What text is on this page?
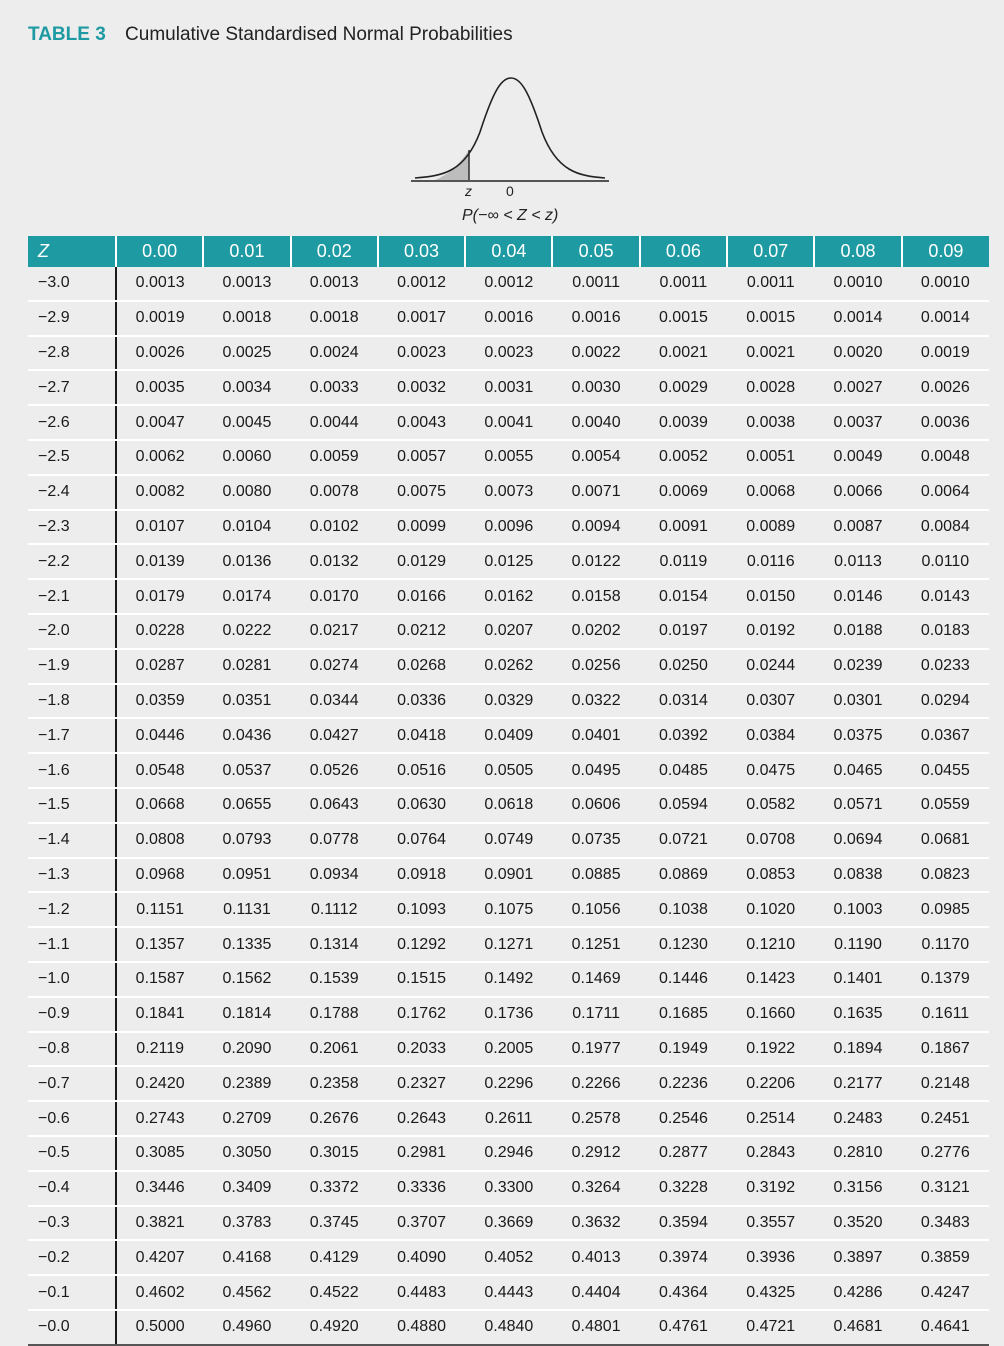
TABLE 3 Cumulative Standardised Normal Probabilities
z 0
P(−∞ < Z < z)
Z	0.00	0.01	0.02	0.03	0.04	0.05	0.06	0.07	0.08	0.09
−3.0	0.0013	0.0013	0.0013	0.0012	0.0012	0.0011	0.0011	0.0011	0.0010	0.0010
−2.9	0.0019	0.0018	0.0018	0.0017	0.0016	0.0016	0.0015	0.0015	0.0014	0.0014
−2.8	0.0026	0.0025	0.0024	0.0023	0.0023	0.0022	0.0021	0.0021	0.0020	0.0019
−2.7	0.0035	0.0034	0.0033	0.0032	0.0031	0.0030	0.0029	0.0028	0.0027	0.0026
−2.6	0.0047	0.0045	0.0044	0.0043	0.0041	0.0040	0.0039	0.0038	0.0037	0.0036
−2.5	0.0062	0.0060	0.0059	0.0057	0.0055	0.0054	0.0052	0.0051	0.0049	0.0048
−2.4	0.0082	0.0080	0.0078	0.0075	0.0073	0.0071	0.0069	0.0068	0.0066	0.0064
−2.3	0.0107	0.0104	0.0102	0.0099	0.0096	0.0094	0.0091	0.0089	0.0087	0.0084
−2.2	0.0139	0.0136	0.0132	0.0129	0.0125	0.0122	0.0119	0.0116	0.0113	0.0110
−2.1	0.0179	0.0174	0.0170	0.0166	0.0162	0.0158	0.0154	0.0150	0.0146	0.0143
−2.0	0.0228	0.0222	0.0217	0.0212	0.0207	0.0202	0.0197	0.0192	0.0188	0.0183
−1.9	0.0287	0.0281	0.0274	0.0268	0.0262	0.0256	0.0250	0.0244	0.0239	0.0233
−1.8	0.0359	0.0351	0.0344	0.0336	0.0329	0.0322	0.0314	0.0307	0.0301	0.0294
−1.7	0.0446	0.0436	0.0427	0.0418	0.0409	0.0401	0.0392	0.0384	0.0375	0.0367
−1.6	0.0548	0.0537	0.0526	0.0516	0.0505	0.0495	0.0485	0.0475	0.0465	0.0455
−1.5	0.0668	0.0655	0.0643	0.0630	0.0618	0.0606	0.0594	0.0582	0.0571	0.0559
−1.4	0.0808	0.0793	0.0778	0.0764	0.0749	0.0735	0.0721	0.0708	0.0694	0.0681
−1.3	0.0968	0.0951	0.0934	0.0918	0.0901	0.0885	0.0869	0.0853	0.0838	0.0823
−1.2	0.1151	0.1131	0.1112	0.1093	0.1075	0.1056	0.1038	0.1020	0.1003	0.0985
−1.1	0.1357	0.1335	0.1314	0.1292	0.1271	0.1251	0.1230	0.1210	0.1190	0.1170
−1.0	0.1587	0.1562	0.1539	0.1515	0.1492	0.1469	0.1446	0.1423	0.1401	0.1379
−0.9	0.1841	0.1814	0.1788	0.1762	0.1736	0.1711	0.1685	0.1660	0.1635	0.1611
−0.8	0.2119	0.2090	0.2061	0.2033	0.2005	0.1977	0.1949	0.1922	0.1894	0.1867
−0.7	0.2420	0.2389	0.2358	0.2327	0.2296	0.2266	0.2236	0.2206	0.2177	0.2148
−0.6	0.2743	0.2709	0.2676	0.2643	0.2611	0.2578	0.2546	0.2514	0.2483	0.2451
−0.5	0.3085	0.3050	0.3015	0.2981	0.2946	0.2912	0.2877	0.2843	0.2810	0.2776
−0.4	0.3446	0.3409	0.3372	0.3336	0.3300	0.3264	0.3228	0.3192	0.3156	0.3121
−0.3	0.3821	0.3783	0.3745	0.3707	0.3669	0.3632	0.3594	0.3557	0.3520	0.3483
−0.2	0.4207	0.4168	0.4129	0.4090	0.4052	0.4013	0.3974	0.3936	0.3897	0.3859
−0.1	0.4602	0.4562	0.4522	0.4483	0.4443	0.4404	0.4364	0.4325	0.4286	0.4247
−0.0	0.5000	0.4960	0.4920	0.4880	0.4840	0.4801	0.4761	0.4721	0.4681	0.4641
